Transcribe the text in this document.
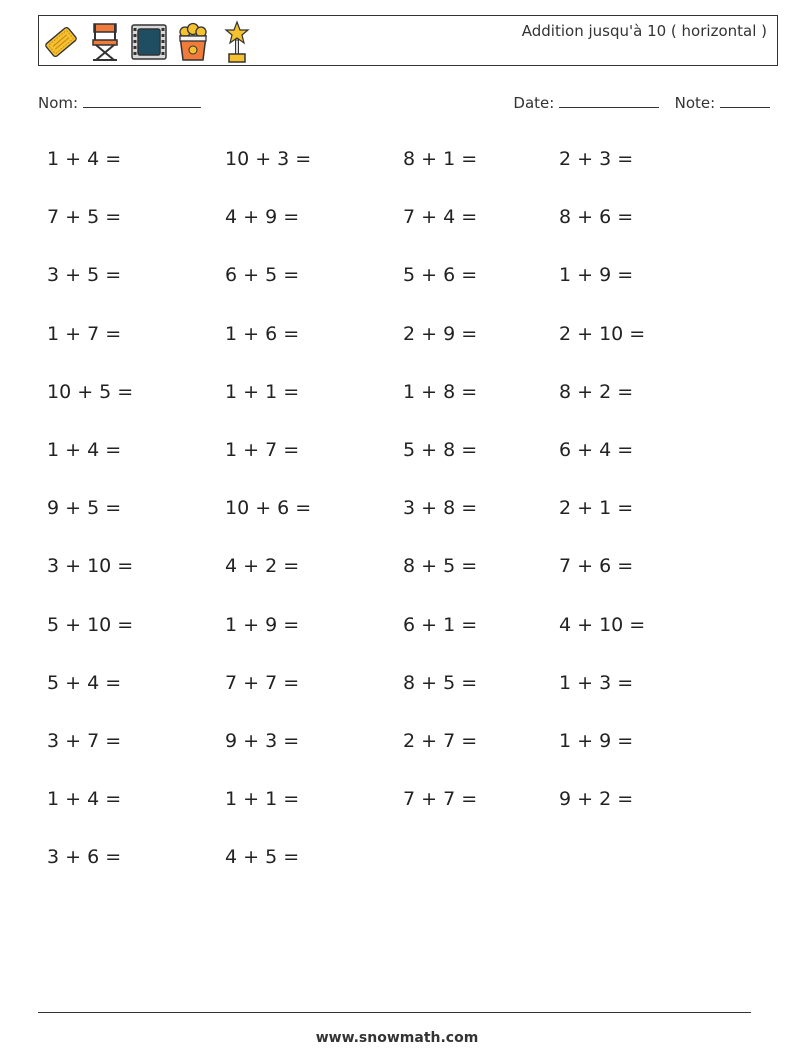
Addition jusqu'à 10 ( horizontal )
Nom:	Date:	Note:
1 + 4 =	10 + 3 =	8 + 1 =	2 + 3 =
7 + 5 =	4 + 9 =	7 + 4 =	8 + 6 =
3 + 5 =	6 + 5 =	5 + 6 =	1 + 9 =
1 + 7 =	1 + 6 =	2 + 9 =	2 + 10 =
10 + 5 =	1 + 1 =	1 + 8 =	8 + 2 =
1 + 4 =	1 + 7 =	5 + 8 =	6 + 4 =
9 + 5 =	10 + 6 =	3 + 8 =	2 + 1 =
3 + 10 =	4 + 2 =	8 + 5 =	7 + 6 =
5 + 10 =	1 + 9 =	6 + 1 =	4 + 10 =
5 + 4 =	7 + 7 =	8 + 5 =	1 + 3 =
3 + 7 =	9 + 3 =	2 + 7 =	1 + 9 =
1 + 4 =	1 + 1 =	7 + 7 =	9 + 2 =
3 + 6 =	4 + 5 =
www.snowmath.com
